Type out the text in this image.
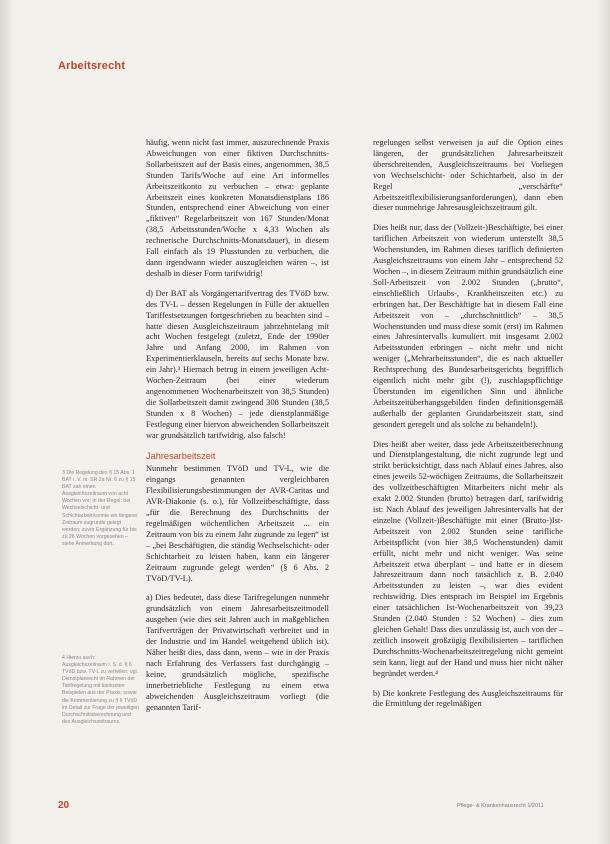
Arbeitsrecht

3 Die Regelung des § 15 Abs. 1 BAT i. V. m. SR 2a Nr. 6 zu § 15 BAT sah einen Ausgleichszeitraum von acht Wochen vor; in der Regel: bei Wechselschicht- und Schichtarbeit konnte ein längerer Zeitraum zugrunde gelegt werden; zuvor Ergänzung für bis zu 26 Wochen vorgesehen – siehe Anmerkung dort.

4 Hierzu auch: Ausgleichszeitraum i. S. d. § 6 TVöD bzw. TV-L zu verteilen: vgl. Dienstplanrecht im Rahmen der Tarifregelung mit konkreten Beispielen aus der Praxis; sowie die Kommentierung zu § 6 TVöD im Detail zur Frage der jeweiligen Durchschnittsberechnung und des Ausgleichszeitraums.

häufig, wenn nicht fast immer, auszurechnende Praxis Abweichungen von einer fiktiven Durchschnitts-Sollarbeitszeit auf der Basis eines, angenommen, 38,5 Stunden Tarifs/Woche auf eine Art informelles Arbeitszeitkonto zu verbuchen – etwa: geplante Arbeitszeit eines konkreten Monatsdienstplans 186 Stunden, entsprechend einer Abweichung von einer „fiktiven“ Regelarbeitszeit von 167 Stunden/Monat (38,5 Arbeitsstunden/Woche x 4,33 Wochen als rechnerische Durchschnitts-Monatsdauer), in diesem Fall einfach als 19 Plusstunden zu verbuchen, die dann irgendwann wieder auszugleichen wären –, ist deshalb in dieser Form tarifwidrig!

d) Der BAT als Vorgängertarifvertrag des TVöD bzw. des TV-L – dessen Regelungen in Fülle der aktuellen Tariffestsetzungen fortgeschrieben zu beachten sind – hatte diesen Ausgleichszeitraum jahrzehntelang mit acht Wochen festgelegt (zuletzt, Ende der 1990er Jahre und Anfang 2000, im Rahmen von Experimentierklauseln, bereits auf sechs Monate bzw. ein Jahr).³ Hiernach betrug in einem jeweiligen Acht-Wochen-Zeitraum (bei einer wiederum angenommenen Wochenarbeitszeit von 38,5 Stunden) die Sollarbeitszeit damit zwingend 308 Stunden (38,5 Stunden x 8 Wochen) – jede dienstplanmäßige Festlegung einer hiervon abweichenden Sollarbeitszeit war grundsätzlich tarifwidrig, also falsch!

Jahresarbeitszeit

Nunmehr bestimmen TVöD und TV-L, wie die eingangs genannten vergleichbaren Flexibilisierungsbestimmungen der AVR-Caritas und AVR-Diakonie (s. o.), für Vollzeitbeschäftigte, dass „für die Berechnung des Durchschnitts der regelmäßigen wöchentlichen Arbeitszeit ... ein Zeitraum von bis zu einem Jahr zugrunde zu legen“ ist – „bei Beschäftigten, die ständig Wechselschicht- oder Schichtarbeit zu leisten haben, kann ein längerer Zeitraum zugrunde gelegt werden“ (§ 6 Abs. 2 TVöD/TV-L).

a) Dies bedeutet, dass diese Tarifregelungen nunmehr grundsätzlich von einem Jahresarbeitszeitmodell ausgehen (wie dies seit Jahren auch in maßgeblichen Tarifverträgen der Privatwirtschaft verbreitet und in der Industrie und im Handel weitgehend üblich ist). Näher heißt dies, dass dann, wenn – wie in der Praxis nach Erfahrung des Verfassers fast durchgängig – keine, grundsätzlich mögliche, spezifische innerbetriebliche Festlegung zu einem etwa abweichenden Ausgleichszeitraum vorliegt (die genannten Tarif-

regelungen selbst verweisen ja auf die Option eines längeren, der grundsätzlichen Jahresarbeitszeit überschreitenden, Ausgleichszeitraums bei Vorliegen von Wechselschicht- oder Schichtarbeit, also in der Regel „verschärfte“ Arbeitszeitflexibilisierungsanforderungen), dann eben dieser nunmehrige Jahresausgleichszeitraum gilt.

Dies heißt nur, dass der (Vollzeit-)Beschäftigte, bei einer tariflichen Arbeitszeit von wiederum unterstellt 38,5 Wochenstunden, im Rahmen dieses tariflich definierten Ausgleichszeitraums von einem Jahr – entsprechend 52 Wochen –, in diesem Zeitraum mithin grundsätzlich eine Soll-Arbeitszeit von 2.002 Stunden („brutto“, einschließlich Urlaubs-, Krankheitszeiten etc.) zu erbringen hat. Der Beschäftigte hat in diesem Fall eine Arbeitszeit von – „durchschnittlich“ – 38,5 Wochenstunden und muss diese somit (erst) im Rahmen eines Jahresintervalls kumuliert mit insgesamt 2.002 Arbeitsstunden erbringen – nicht mehr und nicht weniger („Mehrarbeitsstunden“, die es nach aktueller Rechtsprechung des Bundesarbeitsgerichts begrifflich eigentlich nicht mehr gibt (!), zuschlagspflichtige Überstunden im eigentlichen Sinn und ähnliche Arbeitszeitüberhangsgebilden finden definitionsgemäß außerhalb der geplanten Grundarbeitszeit statt, sind gesondert geregelt und als solche zu behandeln!).

Dies heißt aber weiter, dass jede Arbeitszeitberechnung und Dienstplangestaltung, die nicht zugrunde legt und strikt berücksichtigt, dass nach Ablauf eines Jahres, also eines jeweils 52-wöchigen Zeitraums, die Sollarbeitszeit des vollzeitbeschäftigten Mitarbeiters nicht mehr als exakt 2.002 Stunden (brutto) betragen darf, tarifwidrig ist: Nach Ablauf des jeweiligen Jahresintervalls hat der einzelne (Vollzeit-)Beschäftigte mit einer (Brutto-)Ist-Arbeitszeit von 2.002 Stunden seine tarifliche Arbeitspflicht (von hier 38,5 Wochenstunden) damit erfüllt, nicht mehr und nicht weniger. Was seine Arbeitszeit etwa überplant – und hatte er in diesem Jahreszeitraum dann noch tatsächlich z. B. 2.040 Arbeitsstunden zu leisten –, war dies evident rechtswidrig. Dies entsprach im Beispiel im Ergebnis einer tatsächlichen Ist-Wochenarbeitszeit von 39,23 Stunden (2.040 Stunden : 52 Wochen) – dies zum gleichen Gehalt! Dass dies unzulässig ist, auch von der – zeitlich insoweit großzügig flexibilisierten – tariflichen Durchschnitts-Wochenarbeitszeitregelung nicht gemeint sein kann, liegt auf der Hand und muss hier nicht näher begründet werden.⁴

b) Die konkrete Festlegung des Ausgleichszeitraums für die Ermittlung der regelmäßigen

20	Pflege- & Krankenhausrecht 1/2011
